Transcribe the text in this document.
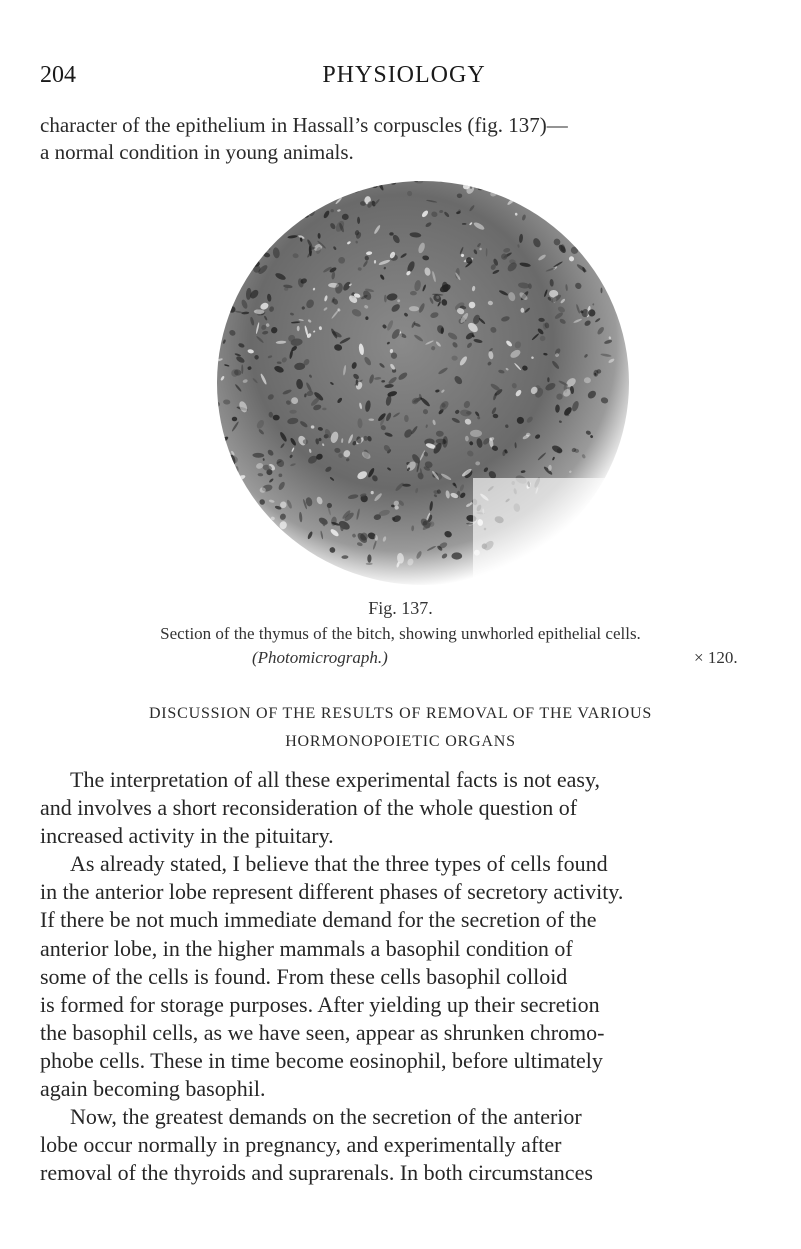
204	PHYSIOLOGY
character of the epithelium in Hassall’s corpuscles (fig. 137)—
a normal condition in young animals.
Fig. 137.
Section of the thymus of the bitch, showing unwhorled epithelial cells.
(Photomicrograph.)	× 120.
DISCUSSION OF THE RESULTS OF REMOVAL OF THE VARIOUS
HORMONOPOIETIC ORGANS
The interpretation of all these experimental facts is not easy,
and involves a short reconsideration of the whole question of
increased activity in the pituitary.
As already stated, I believe that the three types of cells found
in the anterior lobe represent different phases of secretory activity.
If there be not much immediate demand for the secretion of the
anterior lobe, in the higher mammals a basophil condition of
some of the cells is found. From these cells basophil colloid
is formed for storage purposes. After yielding up their secretion
the basophil cells, as we have seen, appear as shrunken chromo-
phobe cells. These in time become eosinophil, before ultimately
again becoming basophil.
Now, the greatest demands on the secretion of the anterior
lobe occur normally in pregnancy, and experimentally after
removal of the thyroids and suprarenals. In both circumstances
